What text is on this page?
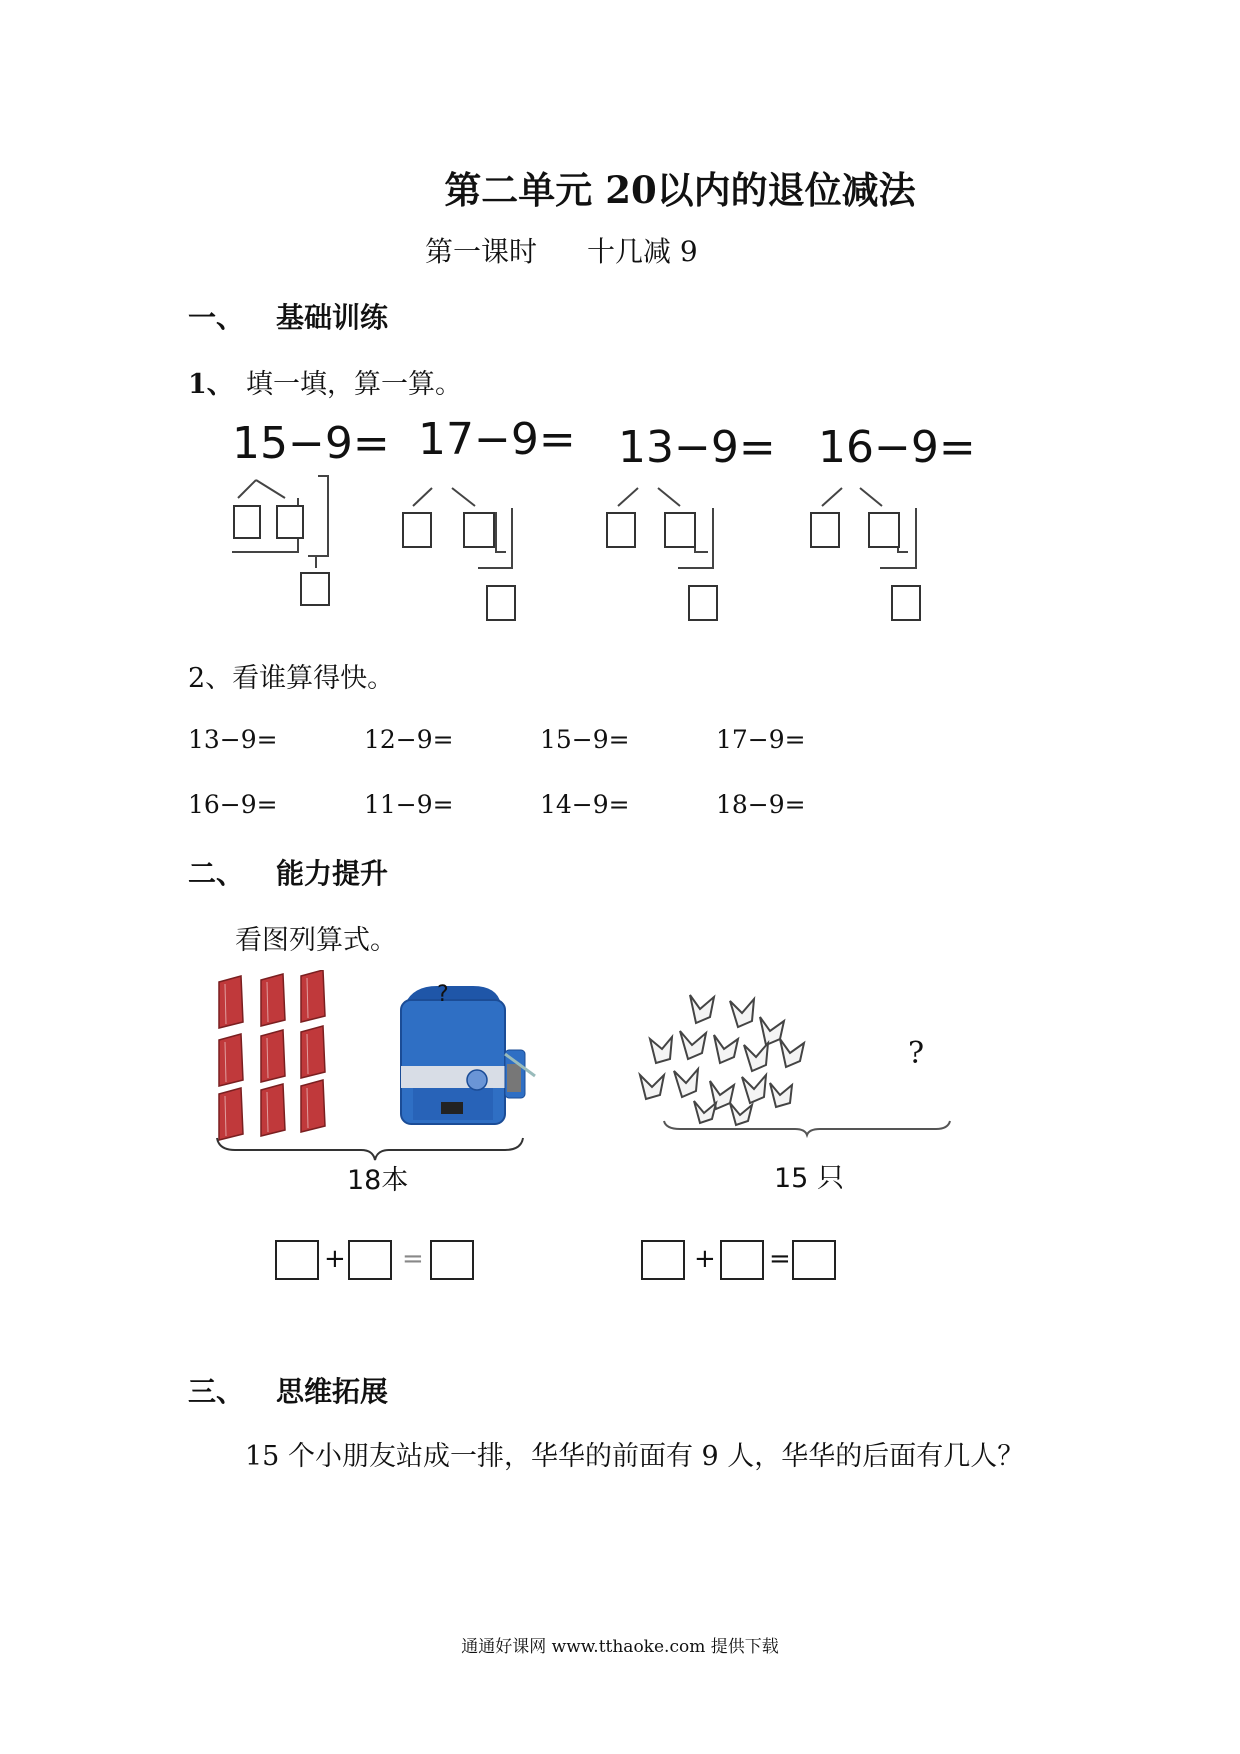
第二单元 20以内的退位减法
第一课时 十几减 9
一、 基础训练
1、 填一填，算一算。
15−9= 17−9= 13−9= 16−9=
2、看谁算得快。
13−9=	12−9=	15−9=	17−9=
16−9=	11−9=	14−9=	18−9=
二、 能力提升
看图列算式。
?
18本
?
15 只
+ =	+ =
三、 思维拓展
15 个小朋友站成一排，华华的前面有 9 人，华华的后面有几人？
通通好课网 www.tthaoke.com 提供下载
